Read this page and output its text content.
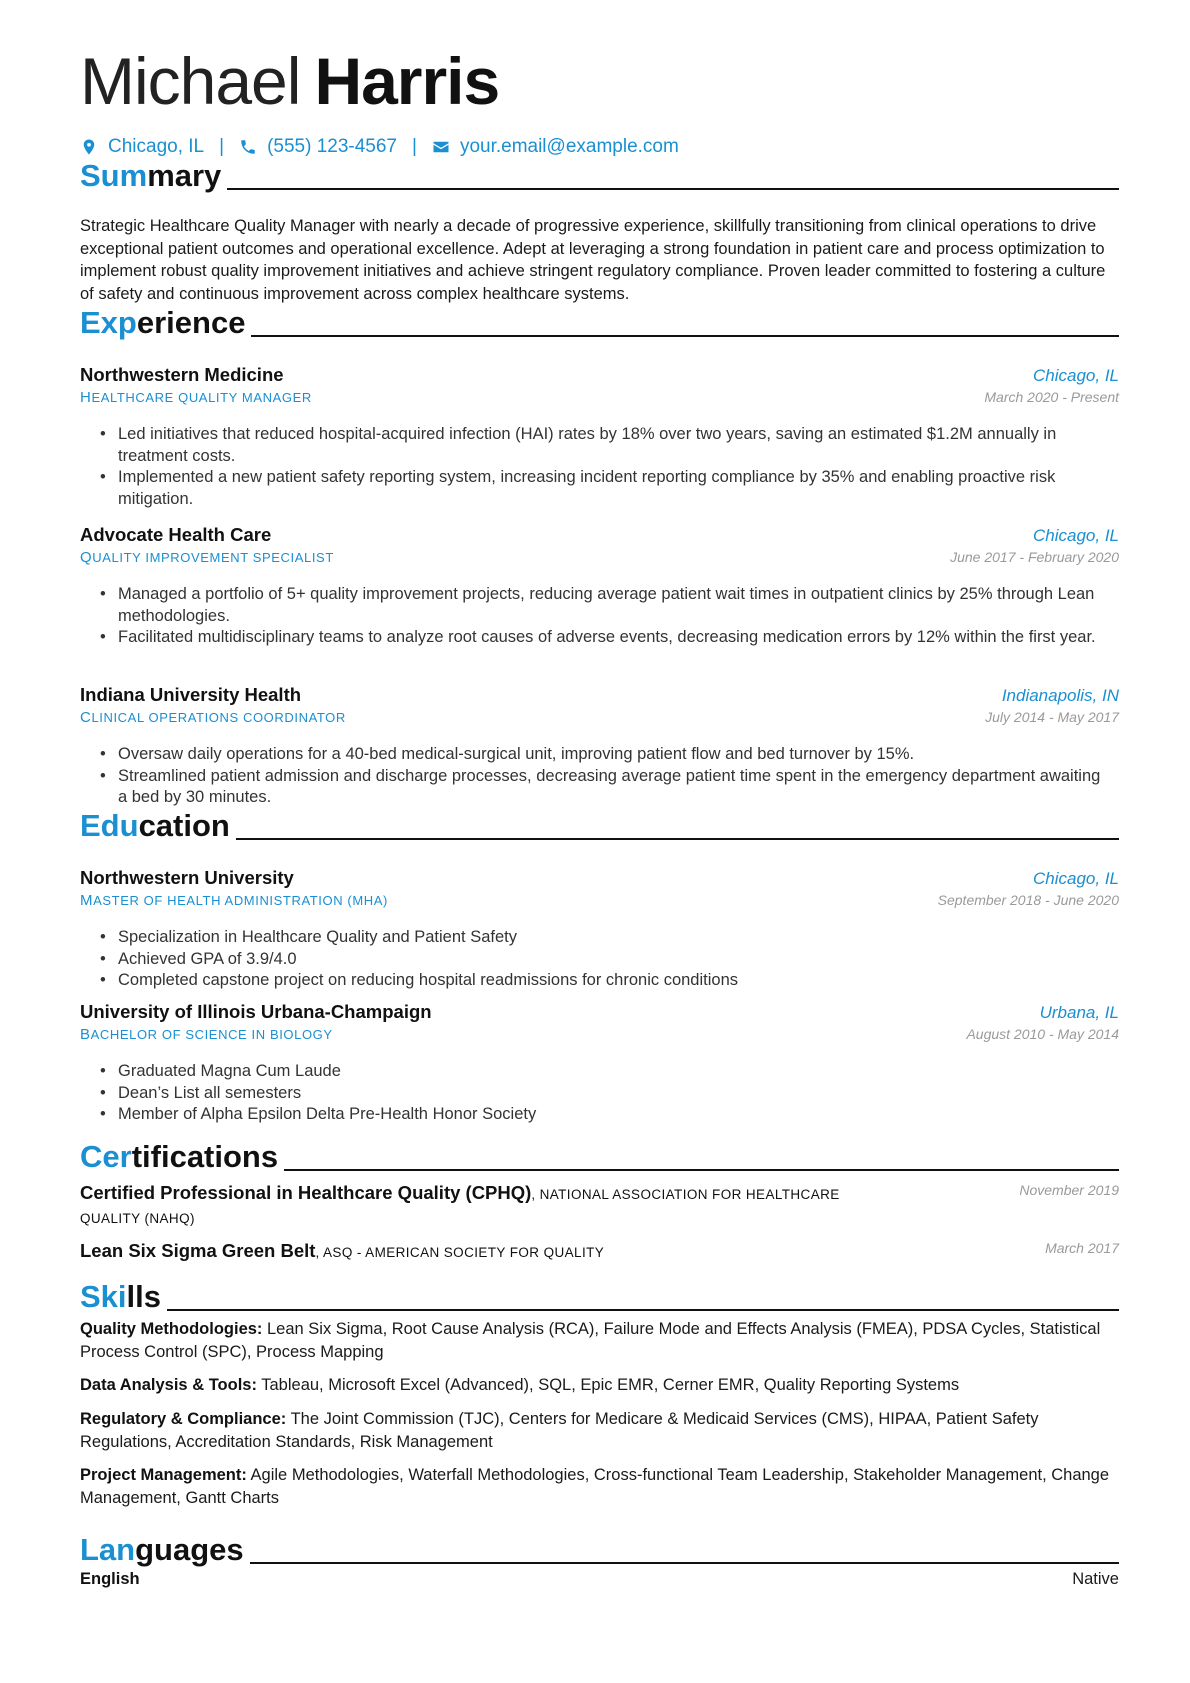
Michael Harris
Chicago, IL | (555) 123-4567 | your.email@example.com
Summary
Strategic Healthcare Quality Manager with nearly a decade of progressive experience, skillfully transitioning from clinical operations to drive exceptional patient outcomes and operational excellence. Adept at leveraging a strong foundation in patient care and process optimization to implement robust quality improvement initiatives and achieve stringent regulatory compliance. Proven leader committed to fostering a culture of safety and continuous improvement across complex healthcare systems.
Experience
Northwestern Medicine	Chicago, IL
HEALTHCARE QUALITY MANAGER	March 2020 - Present
• Led initiatives that reduced hospital-acquired infection (HAI) rates by 18% over two years, saving an estimated $1.2M annually in treatment costs.
• Implemented a new patient safety reporting system, increasing incident reporting compliance by 35% and enabling proactive risk mitigation.
Advocate Health Care	Chicago, IL
QUALITY IMPROVEMENT SPECIALIST	June 2017 - February 2020
• Managed a portfolio of 5+ quality improvement projects, reducing average patient wait times in outpatient clinics by 25% through Lean methodologies.
• Facilitated multidisciplinary teams to analyze root causes of adverse events, decreasing medication errors by 12% within the first year.
Indiana University Health	Indianapolis, IN
CLINICAL OPERATIONS COORDINATOR	July 2014 - May 2017
• Oversaw daily operations for a 40-bed medical-surgical unit, improving patient flow and bed turnover by 15%.
• Streamlined patient admission and discharge processes, decreasing average patient time spent in the emergency department awaiting a bed by 30 minutes.
Education
Northwestern University	Chicago, IL
MASTER OF HEALTH ADMINISTRATION (MHA)	September 2018 - June 2020
• Specialization in Healthcare Quality and Patient Safety
• Achieved GPA of 3.9/4.0
• Completed capstone project on reducing hospital readmissions for chronic conditions
University of Illinois Urbana-Champaign	Urbana, IL
BACHELOR OF SCIENCE IN BIOLOGY	August 2010 - May 2014
• Graduated Magna Cum Laude
• Dean’s List all semesters
• Member of Alpha Epsilon Delta Pre-Health Honor Society
Certifications
Certified Professional in Healthcare Quality (CPHQ), NATIONAL ASSOCIATION FOR HEALTHCARE QUALITY (NAHQ)
November 2019
Lean Six Sigma Green Belt, ASQ - AMERICAN SOCIETY FOR QUALITY	March 2017
Skills
Quality Methodologies: Lean Six Sigma, Root Cause Analysis (RCA), Failure Mode and Effects Analysis (FMEA), PDSA Cycles, Statistical Process Control (SPC), Process Mapping
Data Analysis & Tools: Tableau, Microsoft Excel (Advanced), SQL, Epic EMR, Cerner EMR, Quality Reporting Systems
Regulatory & Compliance: The Joint Commission (TJC), Centers for Medicare & Medicaid Services (CMS), HIPAA, Patient Safety Regulations, Accreditation Standards, Risk Management
Project Management: Agile Methodologies, Waterfall Methodologies, Cross-functional Team Leadership, Stakeholder Management, Change Management, Gantt Charts
Languages
English	Native
